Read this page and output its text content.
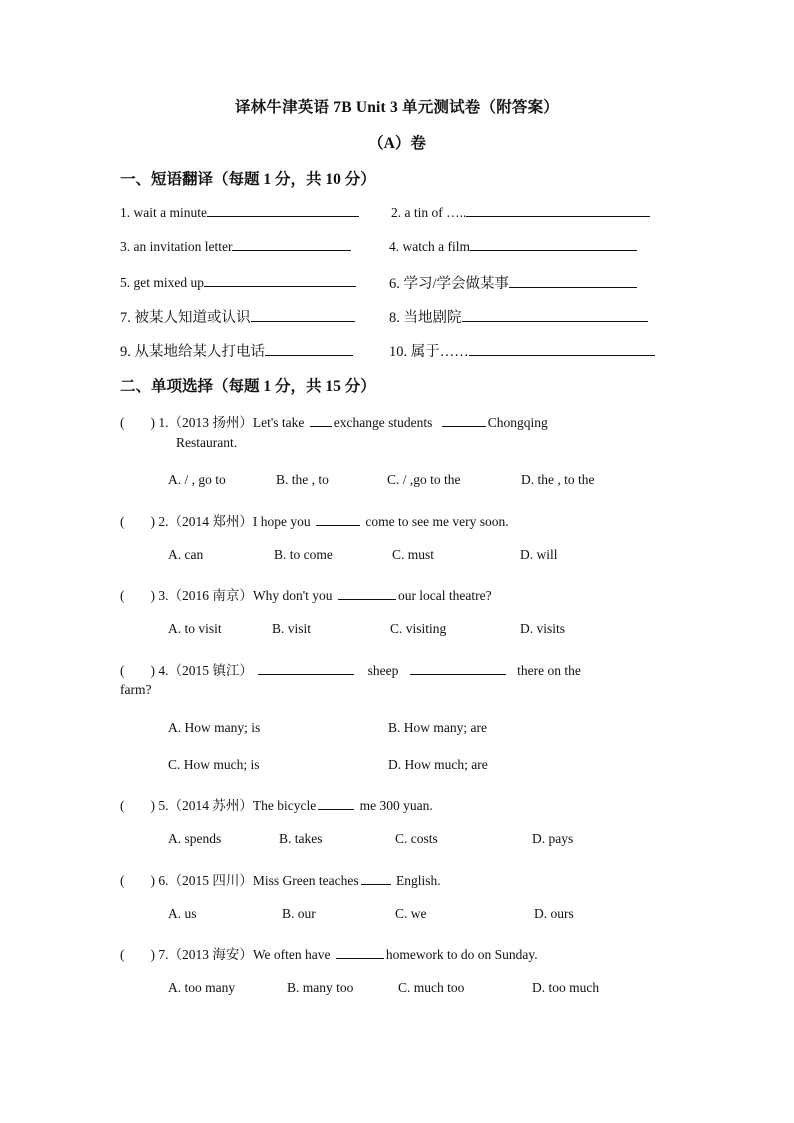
译林牛津英语 7B Unit 3 单元测试卷（附答案）
（A）卷
一、短语翻译（每题 1 分，共 10 分）
1. wait a minute	2. a tin of …..
3. an invitation letter	4. watch a film
5. get mixed up	6. 学习/学会做某事
7. 被某人知道或认识	8. 当地剧院
9. 从某地给某人打电话	10. 属于……
二、单项选择（每题 1 分，共 15 分）
( ) 1.（2013 扬州）Let's take exchange students	Chongqing
Restaurant.
A. / , go to	B. the , to	C. / ,go to the	D. the , to the
( ) 2.（2014 郑州）I hope you	come to see me very soon.
A. can	B. to come	C. must	D. will
( ) 3.（2016 南京）Why don't you	our local theatre?
A. to visit	B. visit	C. visiting	D. visits
( ) 4.（2015 镇江）	sheep	there on the
farm?
A. How many; is	B. How many; are
C. How much; is	D. How much; are
( ) 5.（2014 苏州）The bicycle	me 300 yuan.
A. spends	B. takes	C. costs	D. pays
( ) 6.（2015 四川）Miss Green teaches	English.
A. us	B. our	C. we	D. ours
( ) 7.（2013 海安）We often have	homework to do on Sunday.
A. too many	B. many too	C. much too	D. too much
